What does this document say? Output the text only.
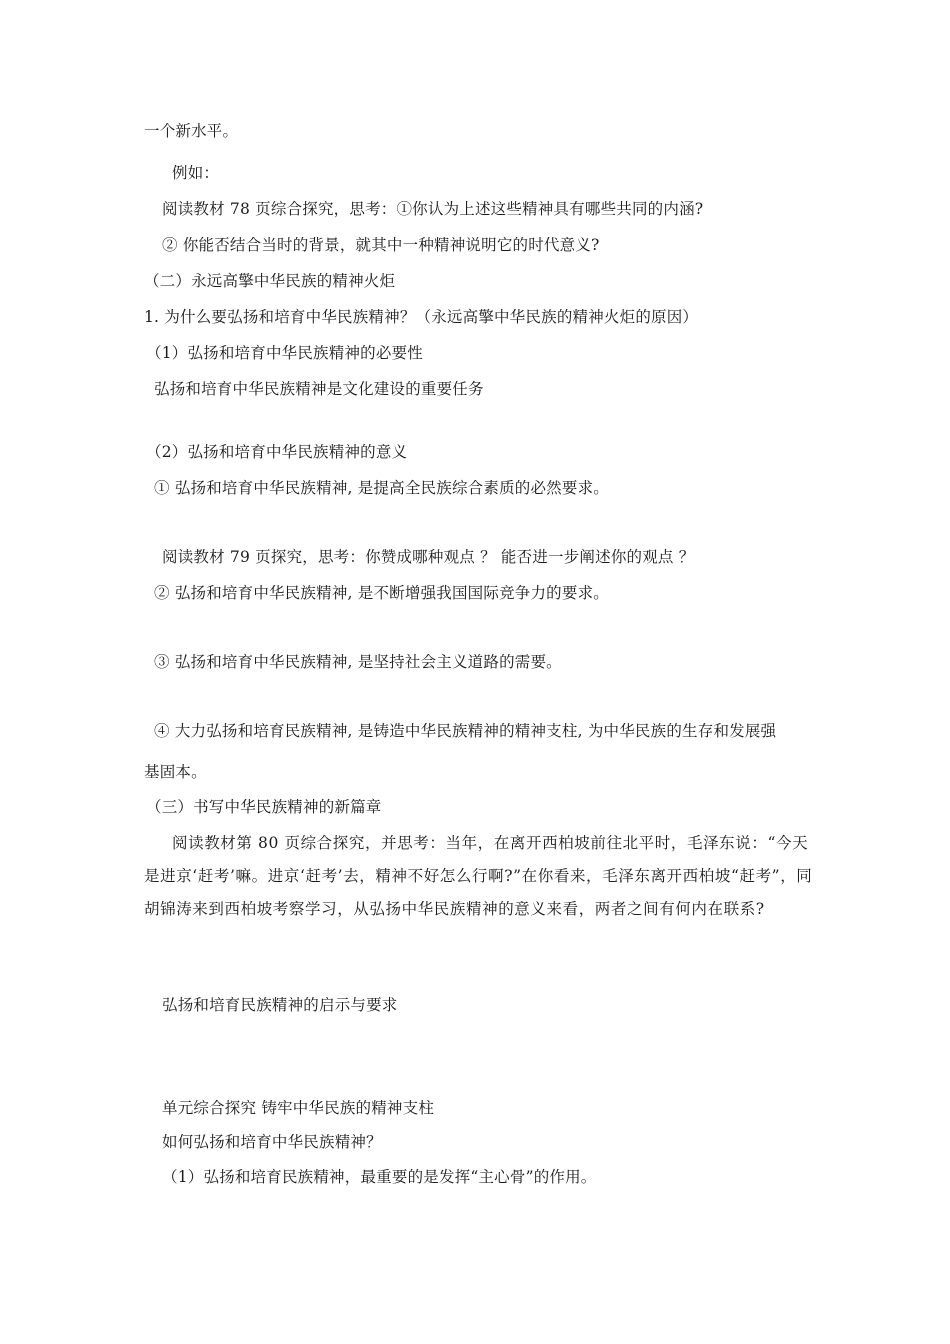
一个新水平。
例如：
阅读教材 78 页综合探究，思考：①你认为上述这些精神具有哪些共同的内涵?
② 你能否结合当时的背景，就其中一种精神说明它的时代意义?
（二）永远高擎中华民族的精神火炬
1. 为什么要弘扬和培育中华民族精神？（永远高擎中华民族的精神火炬的原因）
（1）弘扬和培育中华民族精神的必要性
弘扬和培育中华民族精神是文化建设的重要任务
（2）弘扬和培育中华民族精神的意义
① 弘扬和培育中华民族精神, 是提高全民族综合素质的必然要求。
阅读教材 79 页探究，思考：你赞成哪种观点 ？ 能否进一步阐述你的观点 ？
② 弘扬和培育中华民族精神, 是不断增强我国国际竞争力的要求。
③ 弘扬和培育中华民族精神, 是坚持社会主义道路的需要。
④ 大力弘扬和培育民族精神, 是铸造中华民族精神的精神支柱, 为中华民族的生存和发展强
基固本。
（三）书写中华民族精神的新篇章
阅读教材第 80 页综合探究，并思考：当年，在离开西柏坡前往北平时，毛泽东说：“今天是进京‘赶考’嘛。进京‘赶考’去，精神不好怎么行啊?”在你看来，毛泽东离开西柏坡“赶考”，同胡锦涛来到西柏坡考察学习，从弘扬中华民族精神的意义来看，两者之间有何内在联系?
弘扬和培育民族精神的启示与要求
单元综合探究 铸牢中华民族的精神支柱
如何弘扬和培育中华民族精神？
（1）弘扬和培育民族精神，最重要的是发挥“主心骨”的作用。
